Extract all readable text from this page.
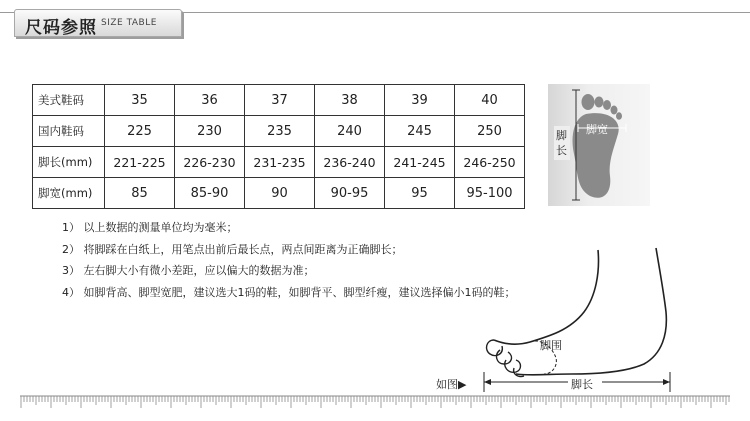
尺码参照 SIZE TABLE
美式鞋码	35	36	37	38	39	40
国内鞋码	225	230	235	240	245	250
脚长(mm)	221-225	226-230	231-235	236-240	241-245	246-250
脚宽(mm)	85	85-90	90	90-95	95	95-100
脚长
脚宽
1） 以上数据的测量单位均为毫米；
2） 将脚踩在白纸上，用笔点出前后最长点，两点间距离为正确脚长；
3） 左右脚大小有微小差距，应以偏大的数据为准；
4） 如脚背高、脚型宽肥，建议选大1码的鞋，如脚背平、脚型纤瘦，建议选择偏小1码的鞋；
脚围
脚长
如图▶
